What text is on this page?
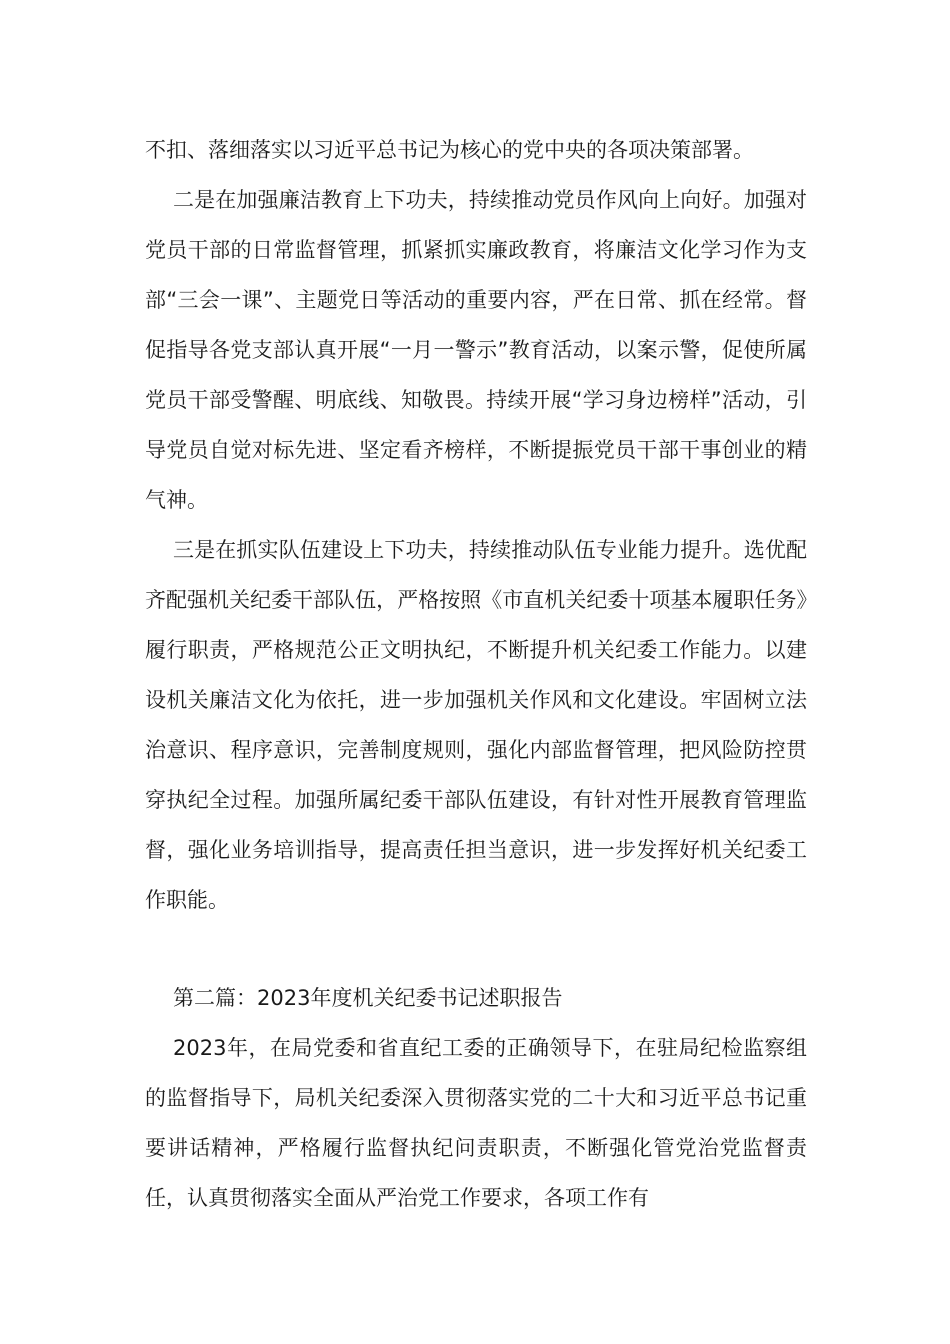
不扣、落细落实以习近平总书记为核心的党中央的各项决策部署。

二是在加强廉洁教育上下功夫，持续推动党员作风向上向好。加强对党员干部的日常监督管理，抓紧抓实廉政教育，将廉洁文化学习作为支部“三会一课”、主题党日等活动的重要内容，严在日常、抓在经常。督促指导各党支部认真开展“一月一警示”教育活动，以案示警，促使所属党员干部受警醒、明底线、知敬畏。持续开展“学习身边榜样”活动，引导党员自觉对标先进、坚定看齐榜样，不断提振党员干部干事创业的精气神。

三是在抓实队伍建设上下功夫，持续推动队伍专业能力提升。选优配齐配强机关纪委干部队伍，严格按照《市直机关纪委十项基本履职任务》履行职责，严格规范公正文明执纪，不断提升机关纪委工作能力。以建设机关廉洁文化为依托，进一步加强机关作风和文化建设。牢固树立法治意识、程序意识，完善制度规则，强化内部监督管理，把风险防控贯穿执纪全过程。加强所属纪委干部队伍建设，有针对性开展教育管理监督，强化业务培训指导，提高责任担当意识，进一步发挥好机关纪委工作职能。

第二篇：2023年度机关纪委书记述职报告

2023年，在局党委和省直纪工委的正确领导下，在驻局纪检监察组的监督指导下，局机关纪委深入贯彻落实党的二十大和习近平总书记重要讲话精神，严格履行监督执纪问责职责，不断强化管党治党监督责任，认真贯彻落实全面从严治党工作要求，各项工作有
